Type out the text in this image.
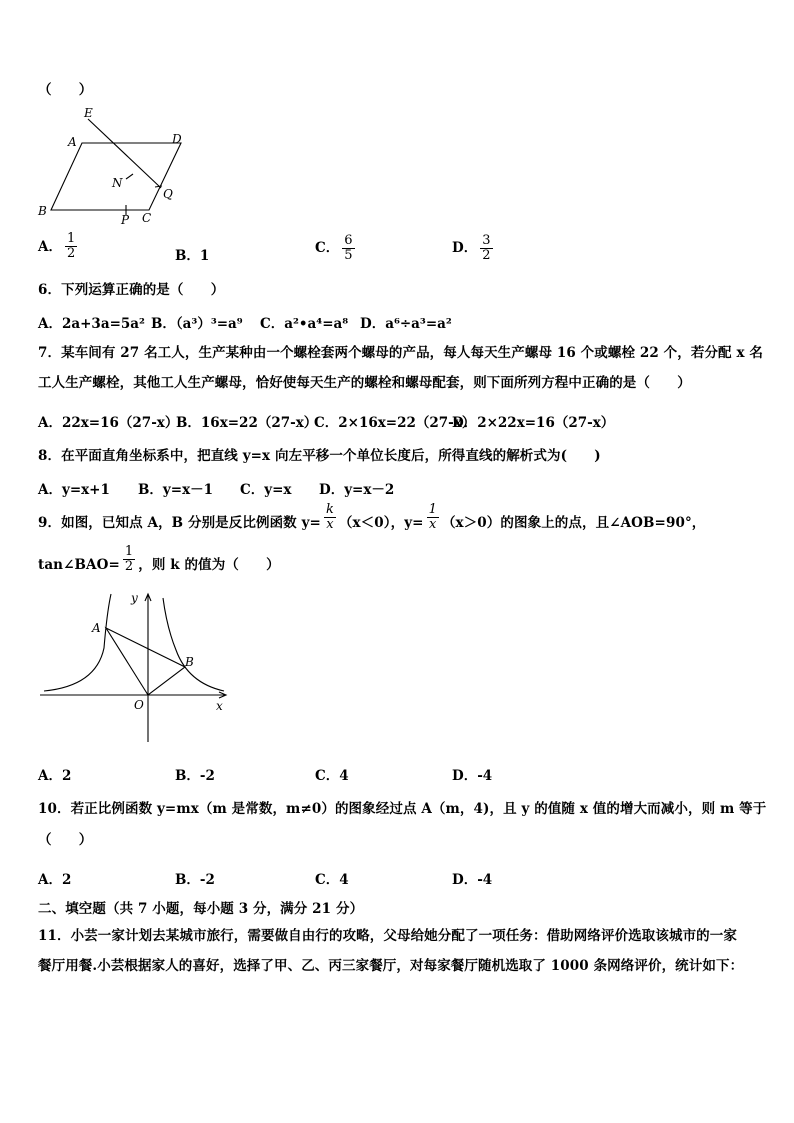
（　　）
E
A	D
N
Q
B
P C
A． $\frac{1}{2}$	B．1	C． $\frac{6}{5}$	D． $\frac{3}{2}$
6．下列运算正确的是（　　）
A．2a+3a=5a² B．（a³）³=a⁹ C．a²•a⁴=a⁸ D．a⁶÷a³=a²
7．某车间有 27 名工人，生产某种由一个螺栓套两个螺母的产品，每人每天生产螺母 16 个或螺栓 22 个，若分配 x 名
工人生产螺栓，其他工人生产螺母，恰好使每天生产的螺栓和螺母配套，则下面所列方程中正确的是（　　）
A．22x=16（27-x）
B．16x=22（27-x）
C．2×16x=22（27-x）
D．2×22x=16（27-x）
8．在平面直角坐标系中，把直线 y=x 向左平移一个单位长度后，所得直线的解析式为(　　)
A．y=x+1 B．y=x－1 C．y=x D．y=x－2
9．如图，已知点 A，B 分别是反比例函数 $y= \frac{k}{x} (x<0)$，$y= \frac{1}{x} (x>0)$的图象上的点，且∠AOB=90°，
tan∠BAO= $\frac{1}{2}$ ，则 k 的值为（　　）
y
x
A
B
O
A．2	B．-2	C．4	D．-4
10．若正比例函数 y=mx（m 是常数，m≠0）的图象经过点 A（m，4)，且 y 的值随 x 值的增大而减小，则 m 等于
（　　）
A．2	B．-2	C．4	D．-4
二、填空题（共 7 小题，每小题 3 分，满分 21 分）
11．小芸一家计划去某城市旅行，需要做自由行的攻略，父母给她分配了一项任务：借助网络评价选取该城市的一家
餐厅用餐.小芸根据家人的喜好，选择了甲、乙、丙三家餐厅，对每家餐厅随机选取了 1000 条网络评价，统计如下：
